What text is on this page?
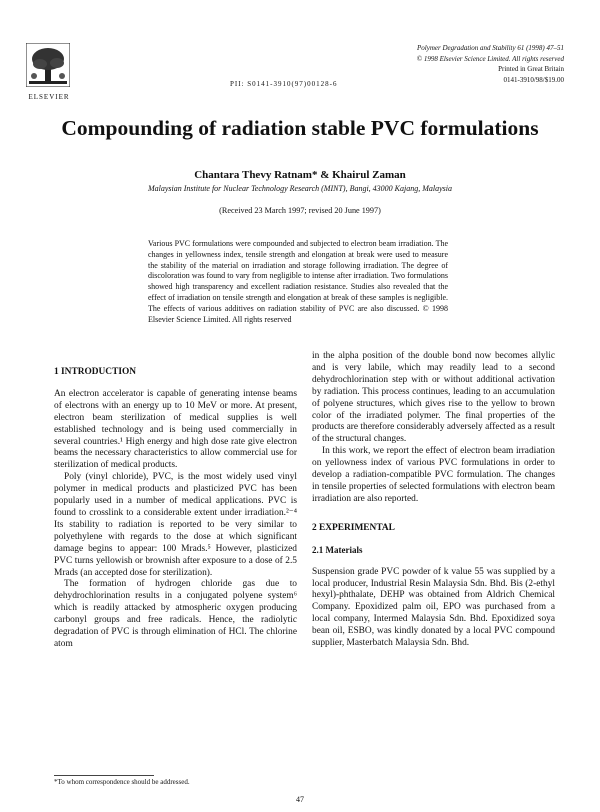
ELSEVIER
PII: S0141-3910(97)00128-6
Polymer Degradation and Stability 61 (1998) 47–51
© 1998 Elsevier Science Limited. All rights reserved
Printed in Great Britain
0141-3910/98/$19.00
Compounding of radiation stable PVC formulations
Chantara Thevy Ratnam* & Khairul Zaman
Malaysian Institute for Nuclear Technology Research (MINT), Bangi, 43000 Kajang, Malaysia
(Received 23 March 1997; revised 20 June 1997)
Various PVC formulations were compounded and subjected to electron beam irradiation. The changes in yellowness index, tensile strength and elongation at break were used to measure the stability of the material on irradiation and storage following irradiation. The degree of discoloration was found to vary from negligible to intense after irradiation. Two formulations showed high transparency and excellent radiation resistance. Studies also revealed that the effect of irradiation on tensile strength and elongation at break of these samples is negligible. The effects of various additives on radiation stability of PVC are also discussed. © 1998 Elsevier Science Limited. All rights reserved
1 INTRODUCTION

An electron accelerator is capable of generating intense beams of electrons with an energy up to 10 MeV or more. At present, electron beam sterilization of medical supplies is well established technology and is being used commercially in several countries.¹ High energy and high dose rate give electron beams the necessary characteristics to allow commercial use for sterilization of medical products.

Poly (vinyl chloride), PVC, is the most widely used vinyl polymer in medical products and plasticized PVC has been popularly used in a number of medical applications. PVC is found to crosslink to a considerable extent under irradiation.²⁻⁴ Its stability to radiation is reported to be very similar to polyethylene with regards to the dose at which significant damage begins to appear: 100 Mrads.⁵ However, plasticized PVC turns yellowish or brownish after exposure to a dose of 2.5 Mrads (an accepted dose for sterilization).

The formation of hydrogen chloride gas due to dehydrochlorination results in a conjugated polyene system⁶ which is readily attacked by atmospheric oxygen producing carbonyl groups and free radicals. Hence, the radiolytic degradation of PVC is through elimination of HCl. The chlorine atom

in the alpha position of the double bond now becomes allylic and is very labile, which may readily lead to a second dehydrochlorination step with or without additional activation by radiation. This process continues, leading to an accumulation of polyene structures, which gives rise to the yellow to brown color of the irradiated polymer. The final properties of the products are therefore considerably adversely affected as a result of the structural changes.

In this work, we report the effect of electron beam irradiation on yellowness index of various PVC formulations in order to develop a radiation-compatible PVC formulation. The changes in tensile properties of selected formulations with electron beam irradiation are also reported.

2 EXPERIMENTAL
2.1 Materials

Suspension grade PVC powder of k value 55 was supplied by a local producer, Industrial Resin Malaysia Sdn. Bhd. Bis (2-ethyl hexyl)-phthalate, DEHP was obtained from Aldrich Chemical Company. Epoxidized palm oil, EPO was purchased from a local company, Intermed Malaysia Sdn. Bhd. Epoxidized soya bean oil, ESBO, was kindly donated by a local PVC compound supplier, Masterbatch Malaysia Sdn. Bhd.

*To whom correspondence should be addressed.
47
